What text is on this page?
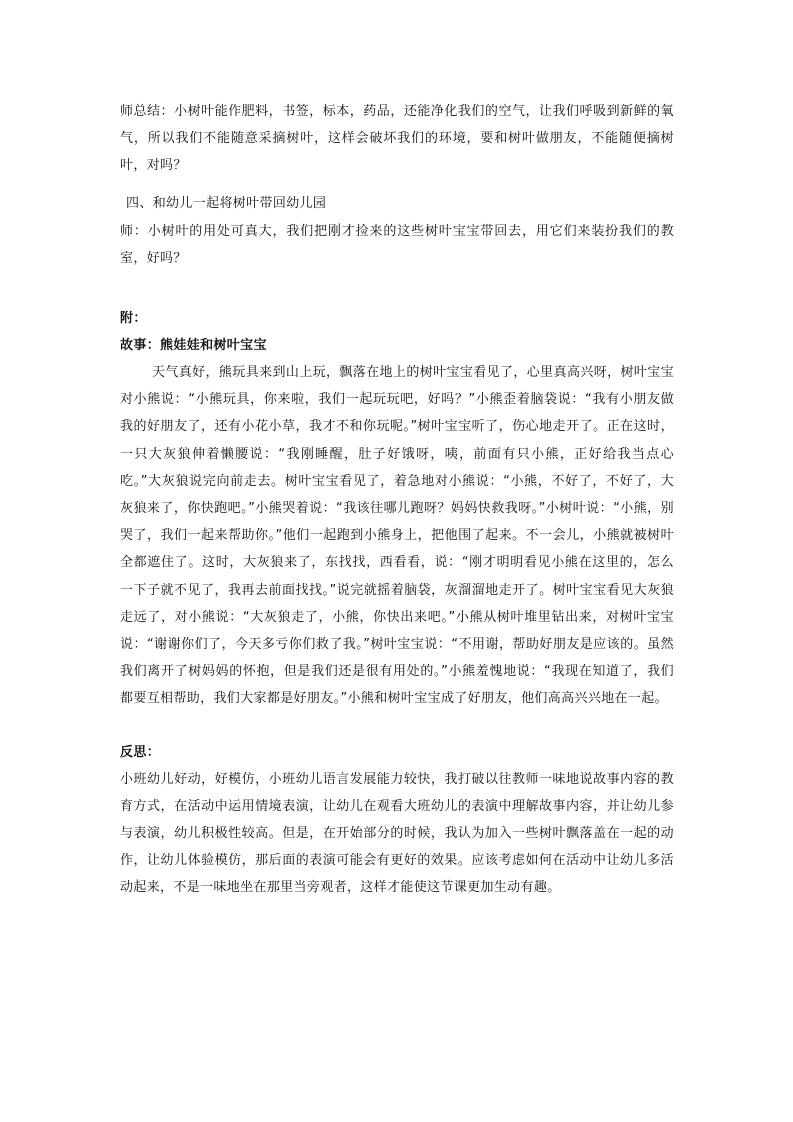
师总结：小树叶能作肥料，书签，标本，药品，还能净化我们的空气，让我们呼吸到新鲜的氧气，所以我们不能随意采摘树叶，这样会破坏我们的环境，要和树叶做朋友，不能随便摘树叶，对吗？

四、和幼儿一起将树叶带回幼儿园

师：小树叶的用处可真大，我们把刚才捡来的这些树叶宝宝带回去，用它们来装扮我们的教室，好吗？

附：

故事：熊娃娃和树叶宝宝

天气真好，熊玩具来到山上玩，飘落在地上的树叶宝宝看见了，心里真高兴呀，树叶宝宝对小熊说：“小熊玩具，你来啦，我们一起玩玩吧，好吗？”小熊歪着脑袋说：“我有小朋友做我的好朋友了，还有小花小草，我才不和你玩呢。”树叶宝宝听了，伤心地走开了。正在这时，一只大灰狼伸着懒腰说：“我刚睡醒，肚子好饿呀，咦，前面有只小熊，正好给我当点心吃。”大灰狼说完向前走去。树叶宝宝看见了，着急地对小熊说：“小熊，不好了，不好了，大灰狼来了，你快跑吧。”小熊哭着说：“我该往哪儿跑呀？妈妈快救我呀。”小树叶说：“小熊，别哭了，我们一起来帮助你。”他们一起跑到小熊身上，把他围了起来。不一会儿，小熊就被树叶全都遮住了。这时，大灰狼来了，东找找，西看看，说：“刚才明明看见小熊在这里的，怎么一下子就不见了，我再去前面找找。”说完就摇着脑袋，灰溜溜地走开了。树叶宝宝看见大灰狼走远了，对小熊说：“大灰狼走了，小熊，你快出来吧。”小熊从树叶堆里钻出来，对树叶宝宝说：“谢谢你们了，今天多亏你们救了我。”树叶宝宝说：“不用谢，帮助好朋友是应该的。虽然我们离开了树妈妈的怀抱，但是我们还是很有用处的。”小熊羞愧地说：“我现在知道了，我们都要互相帮助，我们大家都是好朋友。”小熊和树叶宝宝成了好朋友，他们高高兴兴地在一起。

反思：

小班幼儿好动，好模仿，小班幼儿语言发展能力较快，我打破以往教师一味地说故事内容的教育方式，在活动中运用情境表演，让幼儿在观看大班幼儿的表演中理解故事内容，并让幼儿参与表演，幼儿积极性较高。但是，在开始部分的时候，我认为加入一些树叶飘落盖在一起的动作，让幼儿体验模仿，那后面的表演可能会有更好的效果。应该考虑如何在活动中让幼儿多活动起来，不是一味地坐在那里当旁观者，这样才能使这节课更加生动有趣。
